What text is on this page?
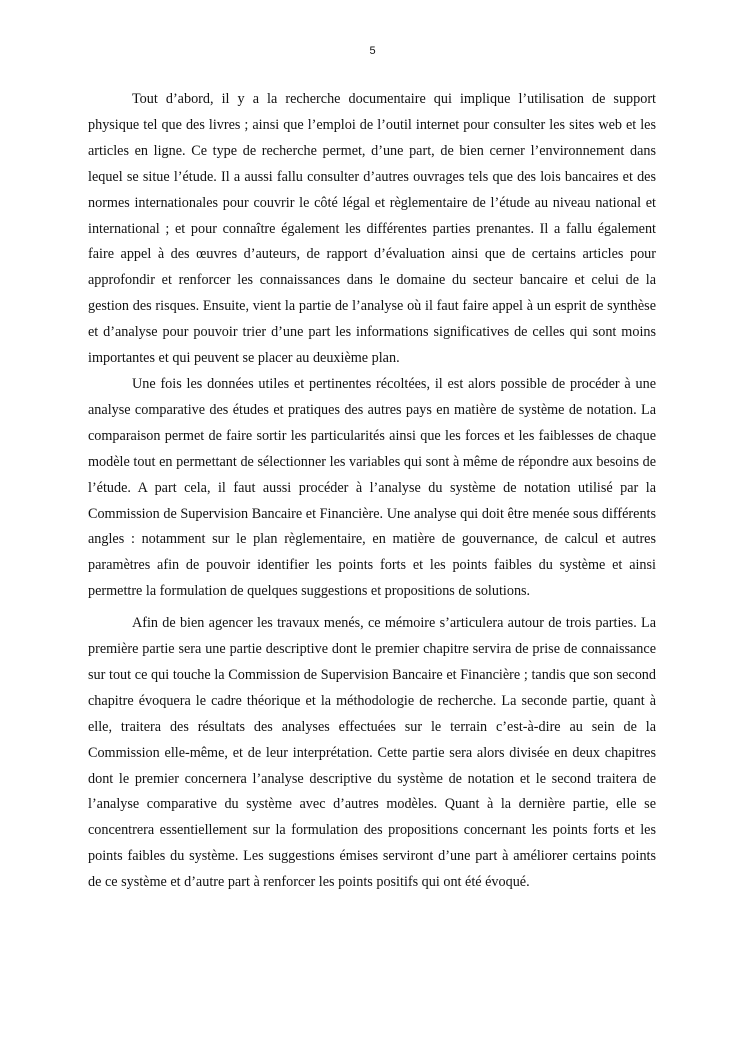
5

Tout d’abord, il y a la recherche documentaire qui implique l’utilisation de support physique tel que des livres ; ainsi que l’emploi de l’outil internet pour consulter les sites web et les articles en ligne. Ce type de recherche permet, d’une part, de bien cerner l’environnement dans lequel se situe l’étude. Il a aussi fallu consulter d’autres ouvrages tels que des lois bancaires et des normes internationales pour couvrir le côté légal et règlementaire de l’étude au niveau national et international ; et pour connaître également les différentes parties prenantes. Il a fallu également faire appel à des œuvres d’auteurs, de rapport d’évaluation ainsi que de certains articles pour approfondir et renforcer les connaissances dans le domaine du secteur bancaire et celui de la gestion des risques. Ensuite, vient la partie de l’analyse où il faut faire appel à un esprit de synthèse et d’analyse pour pouvoir trier d’une part les informations significatives de celles qui sont moins importantes et qui peuvent se placer au deuxième plan.

Une fois les données utiles et pertinentes récoltées, il est alors possible de procéder à une analyse comparative des études et pratiques des autres pays en matière de système de notation. La comparaison permet de faire sortir les particularités ainsi que les forces et les faiblesses de chaque modèle tout en permettant de sélectionner les variables qui sont à même de répondre aux besoins de l’étude. A part cela, il faut aussi procéder à l’analyse du système de notation utilisé par la Commission de Supervision Bancaire et Financière. Une analyse qui doit être menée sous différents angles : notamment sur le plan règlementaire, en matière de gouvernance, de calcul et autres paramètres afin de pouvoir identifier les points forts et les points faibles du système et ainsi permettre la formulation de quelques suggestions et propositions de solutions.

Afin de bien agencer les travaux menés, ce mémoire s’articulera autour de trois parties. La première partie sera une partie descriptive dont le premier chapitre servira de prise de connaissance sur tout ce qui touche la Commission de Supervision Bancaire et Financière ; tandis que son second chapitre évoquera le cadre théorique et la méthodologie de recherche. La seconde partie, quant à elle, traitera des résultats des analyses effectuées sur le terrain c’est-à-dire au sein de la Commission elle-même, et de leur interprétation. Cette partie sera alors divisée en deux chapitres dont le premier concernera l’analyse descriptive du système de notation et le second traitera de l’analyse comparative du système avec d’autres modèles. Quant à la dernière partie, elle se concentrera essentiellement sur la formulation des propositions concernant les points forts et les points faibles du système. Les suggestions émises serviront d’une part à améliorer certains points de ce système et d’autre part à renforcer les points positifs qui ont été évoqué.
